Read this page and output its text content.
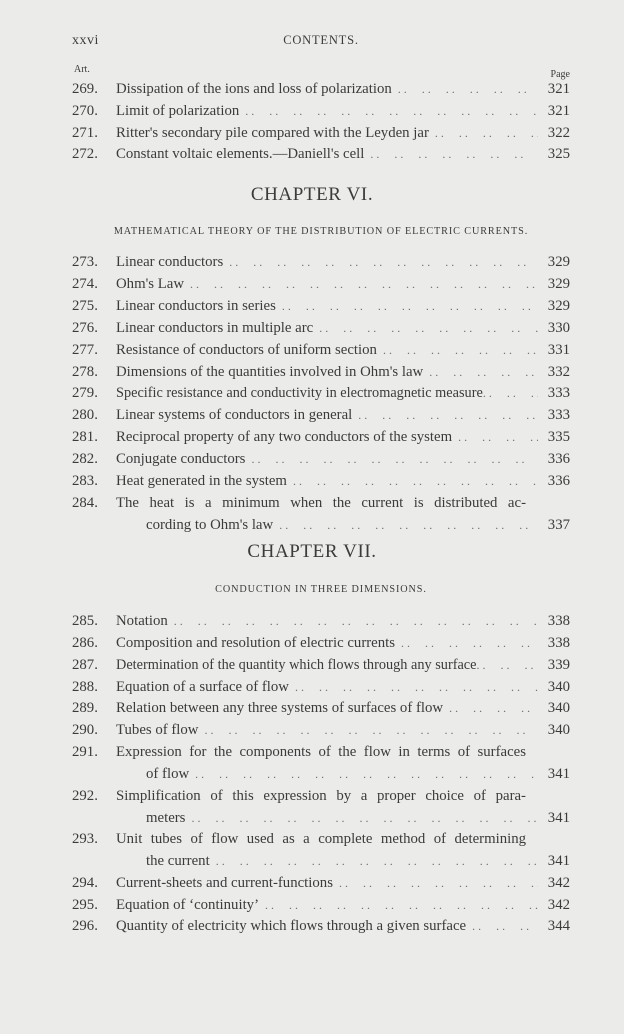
xxvi	CONTENTS.
Art.	Page
269. Dissipation of the ions and loss of polarization . .	321
270. Limit of polarization . .	321
271. Ritter's secondary pile compared with the Leyden jar . .	322
272. Constant voltaic elements.—Daniell's cell . .	325
CHAPTER VI.
MATHEMATICAL THEORY OF THE DISTRIBUTION OF ELECTRIC CURRENTS.
273. Linear conductors . .	329
274. Ohm's Law . .	329
275. Linear conductors in series . .	329
276. Linear conductors in multiple arc . .	330
277. Resistance of conductors of uniform section . .	331
278. Dimensions of the quantities involved in Ohm's law . .	332
279. Specific resistance and conductivity in electromagnetic measure . .	333
280. Linear systems of conductors in general . .	333
281. Reciprocal property of any two conductors of the system . .	335
282. Conjugate conductors . .	336
283. Heat generated in the system . .	336
284. The heat is a minimum when the current is distributed ac-
cording to Ohm's law . .	337
CHAPTER VII.
CONDUCTION IN THREE DIMENSIONS.
285. Notation . .	338
286. Composition and resolution of electric currents . .	338
287. Determination of the quantity which flows through any surface . .	339
288. Equation of a surface of flow . .	340
289. Relation between any three systems of surfaces of flow . .	340
290. Tubes of flow . .	340
291. Expression for the components of the flow in terms of surfaces
of flow . .	341
292. Simplification of this expression by a proper choice of para-
meters . .	341
293. Unit tubes of flow used as a complete method of determining
the current . .	341
294. Current-sheets and current-functions . .	342
295. Equation of ‘continuity’ . .	342
296. Quantity of electricity which flows through a given surface . .	344
